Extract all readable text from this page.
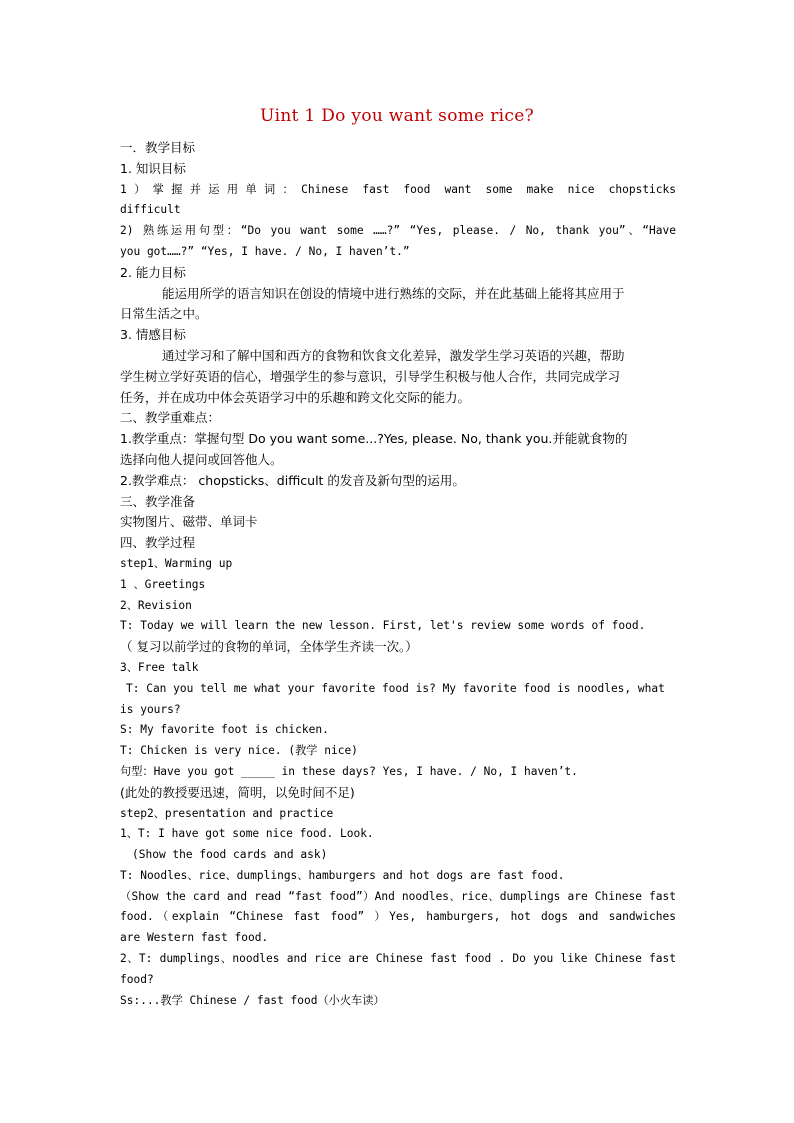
Uint 1 Do you want some rice?
一．教学目标
1. 知识目标
1）掌握并运用单词：Chinese fast food want some make nice chopsticks
difficult
2) 熟练运用句型：“Do you want some ……?” “Yes, please. / No, thank you”、“Have
you got……?” “Yes, I have. / No, I haven’t.”
2. 能力目标
能运用所学的语言知识在创设的情境中进行熟练的交际，并在此基础上能将其应用于
日常生活之中。
3. 情感目标
通过学习和了解中国和西方的食物和饮食文化差异，激发学生学习英语的兴趣，帮助
学生树立学好英语的信心，增强学生的参与意识，引导学生积极与他人合作，共同完成学习
任务，并在成功中体会英语学习中的乐趣和跨文化交际的能力。
二、教学重难点：
1.教学重点：掌握句型 Do you want some...?Yes, please. No, thank you.并能就食物的
选择向他人提问或回答他人。
2.教学难点： chopsticks、difficult 的发音及新句型的运用。
三、教学准备
实物图片、磁带、单词卡
四、教学过程
step1、Warming up
1 、Greetings
2、Revision
T: Today we will learn the new lesson. First, let's review some words of food.
（ 复习以前学过的食物的单词，全体学生齐读一次。）
3、Free talk
T: Can you tell me what your favorite food is? My favorite food is noodles, what
is yours?
S: My favorite foot is chicken.
T: Chicken is very nice. (教学 nice)
句型：Have you got _____ in these days? Yes, I have. / No, I haven’t.
(此处的教授要迅速，简明，以免时间不足)
step2、presentation and practice
1、T: I have got some nice food. Look.
(Show the food cards and ask)
T: Noodles、rice、dumplings、hamburgers and hot dogs are fast food.
（Show the card and read “fast food”）And noodles、rice、dumplings are Chinese fast
food.（explain “Chinese fast food” ）Yes, hamburgers, hot dogs and sandwiches
are Western fast food.
2、T: dumplings、noodles and rice are Chinese fast food . Do you like Chinese fast
food?
Ss:...教学 Chinese / fast food（小火车读）
